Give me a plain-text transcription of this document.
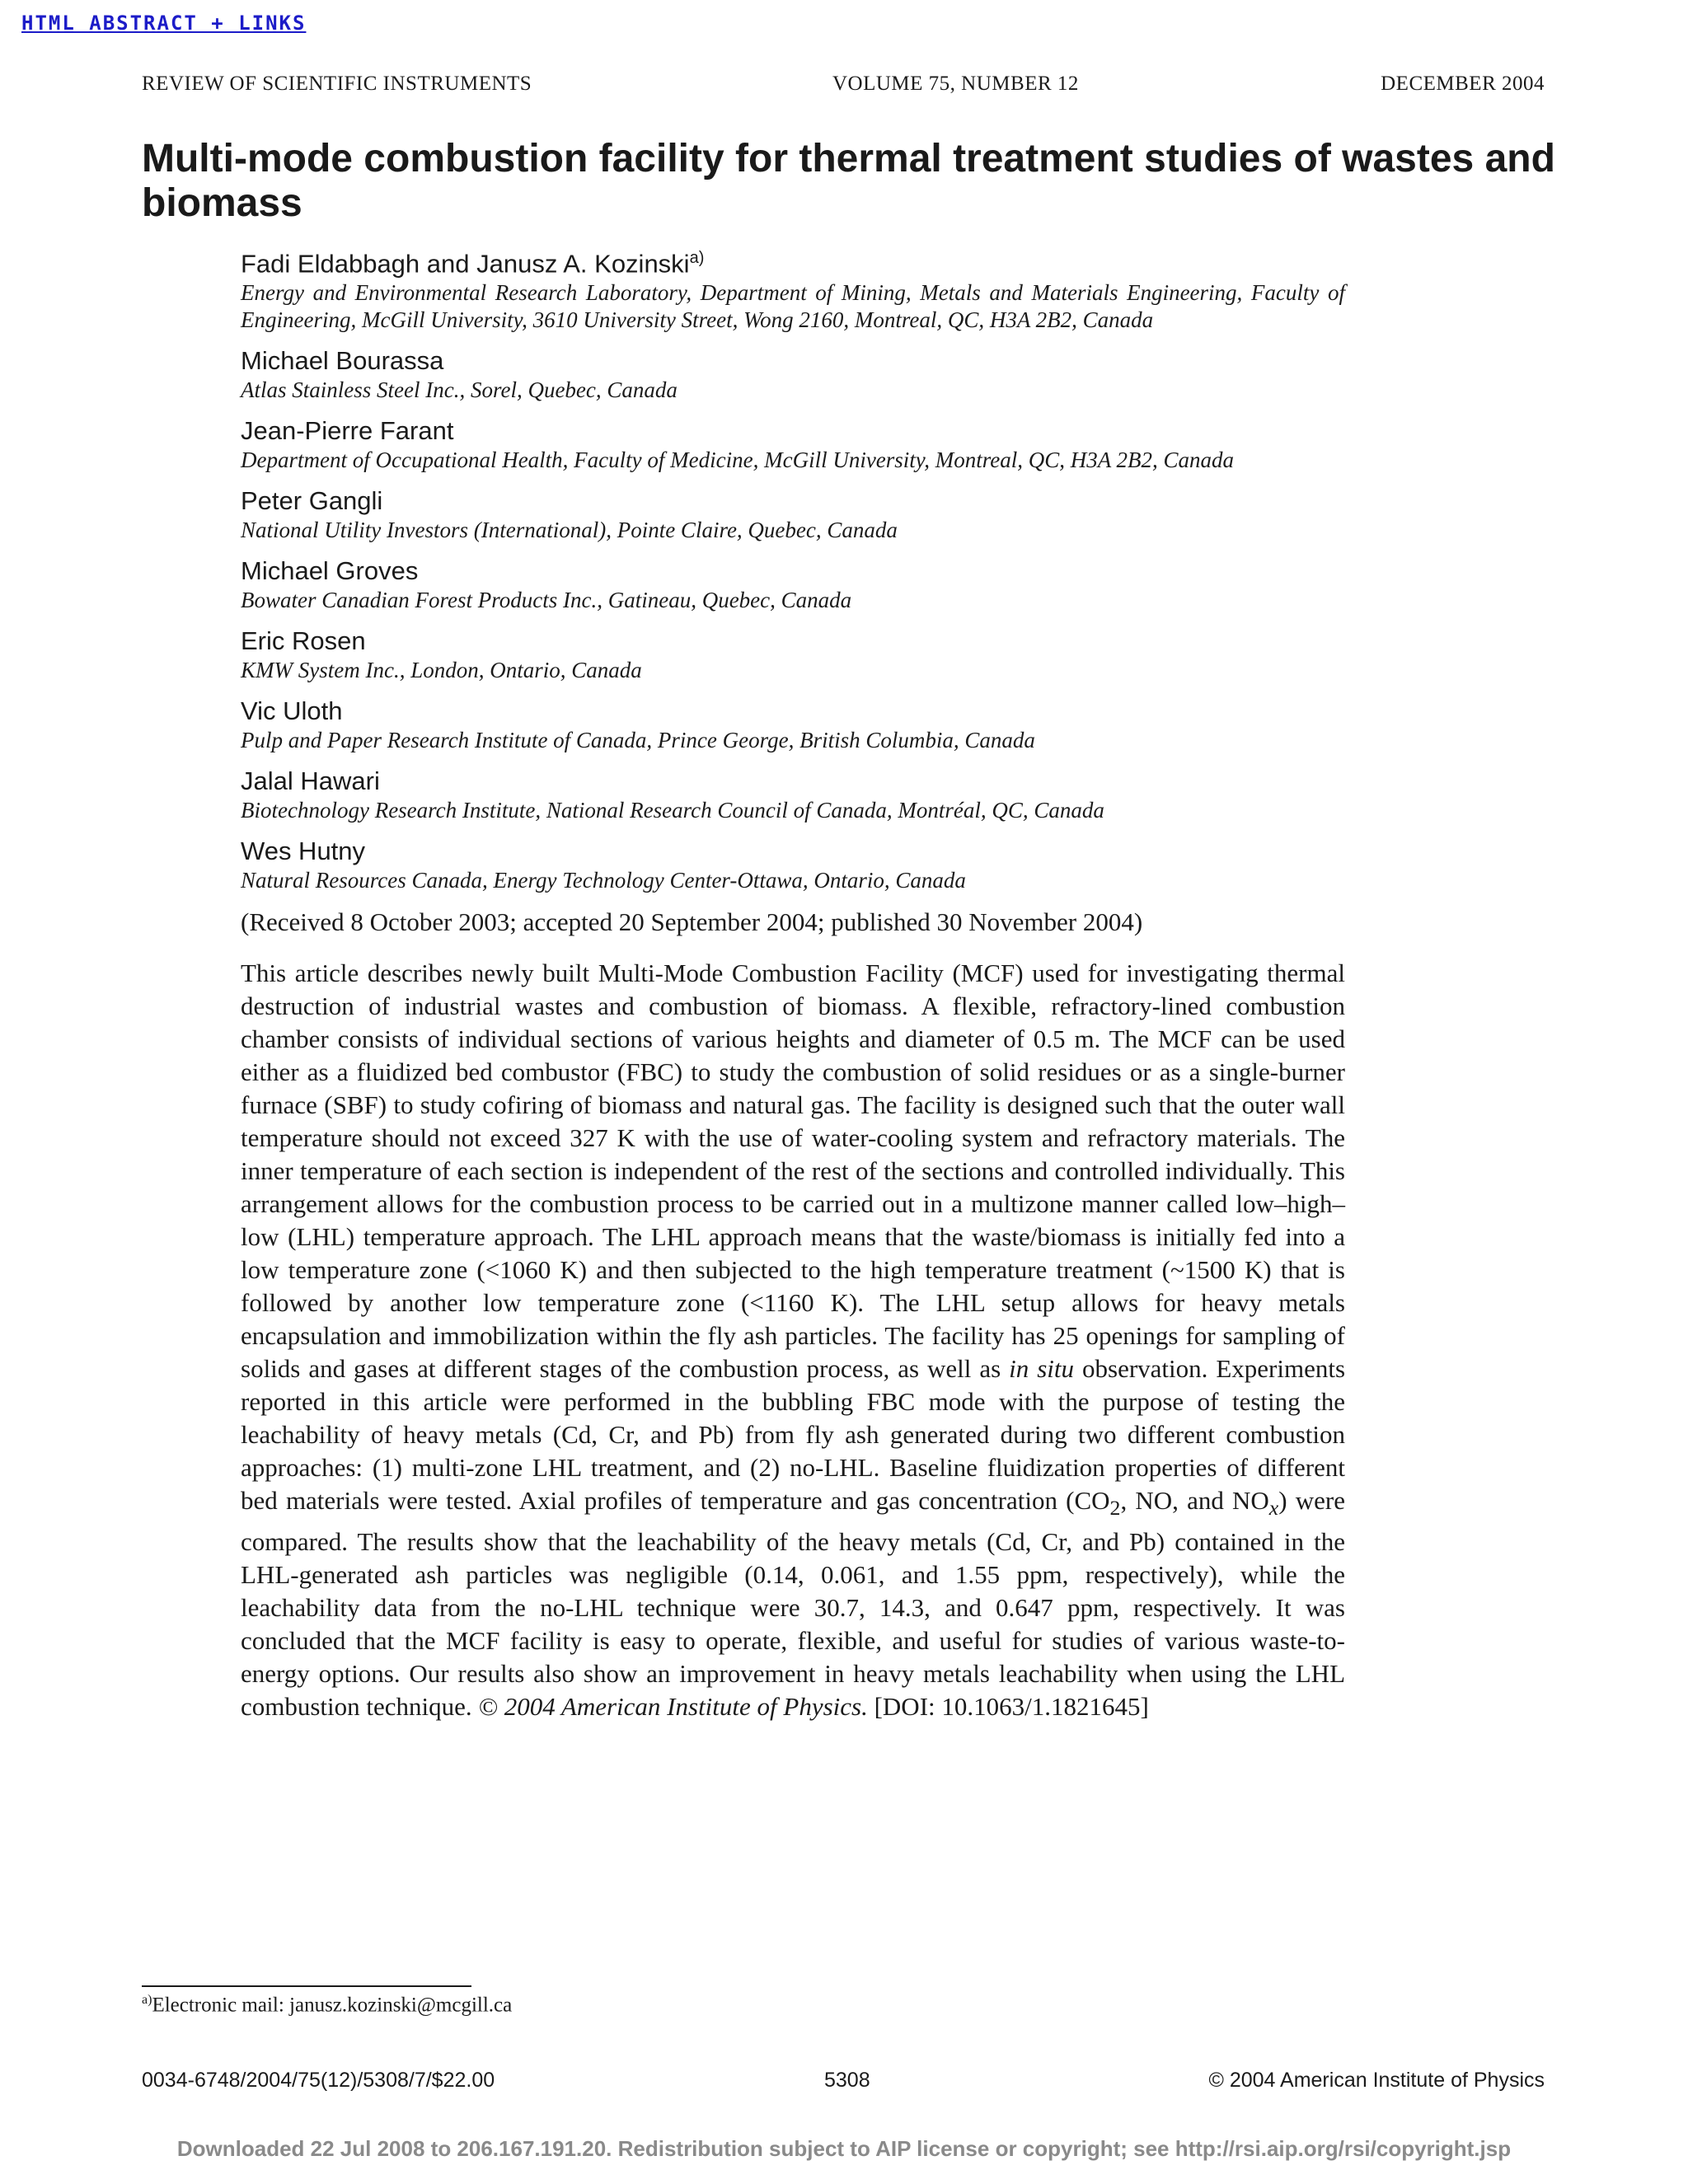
HTML ABSTRACT + LINKS
REVIEW OF SCIENTIFIC INSTRUMENTS	VOLUME 75, NUMBER 12	DECEMBER 2004
Multi-mode combustion facility for thermal treatment studies of wastes and biomass
Fadi Eldabbagh and Janusz A. Kozinski$^{a)}$
Energy and Environmental Research Laboratory, Department of Mining, Metals and Materials Engineering, Faculty of Engineering, McGill University, 3610 University Street, Wong 2160, Montreal, QC, H3A 2B2, Canada
Michael Bourassa
Atlas Stainless Steel Inc., Sorel, Quebec, Canada
Jean-Pierre Farant
Department of Occupational Health, Faculty of Medicine, McGill University, Montreal, QC, H3A 2B2, Canada
Peter Gangli
National Utility Investors (International), Pointe Claire, Quebec, Canada
Michael Groves
Bowater Canadian Forest Products Inc., Gatineau, Quebec, Canada
Eric Rosen
KMW System Inc., London, Ontario, Canada
Vic Uloth
Pulp and Paper Research Institute of Canada, Prince George, British Columbia, Canada
Jalal Hawari
Biotechnology Research Institute, National Research Council of Canada, Montréal, QC, Canada
Wes Hutny
Natural Resources Canada, Energy Technology Center-Ottawa, Ontario, Canada
(Received 8 October 2003; accepted 20 September 2004; published 30 November 2004)

This article describes newly built Multi-Mode Combustion Facility (MCF) used for investigating thermal destruction of industrial wastes and combustion of biomass. A flexible, refractory-lined combustion chamber consists of individual sections of various heights and diameter of 0.5 m. The MCF can be used either as a fluidized bed combustor (FBC) to study the combustion of solid residues or as a single-burner furnace (SBF) to study cofiring of biomass and natural gas. The facility is designed such that the outer wall temperature should not exceed 327 K with the use of water-cooling system and refractory materials. The inner temperature of each section is independent of the rest of the sections and controlled individually. This arrangement allows for the combustion process to be carried out in a multizone manner called low–high–low (LHL) temperature approach. The LHL approach means that the waste/biomass is initially fed into a low temperature zone (<1060 K) and then subjected to the high temperature treatment (~1500 K) that is followed by another low temperature zone (<1160 K). The LHL setup allows for heavy metals encapsulation and immobilization within the fly ash particles. The facility has 25 openings for sampling of solids and gases at different stages of the combustion process, as well as in situ observation. Experiments reported in this article were performed in the bubbling FBC mode with the purpose of testing the leachability of heavy metals (Cd, Cr, and Pb) from fly ash generated during two different combustion approaches: (1) multi-zone LHL treatment, and (2) no-LHL. Baseline fluidization properties of different bed materials were tested. Axial profiles of temperature and gas concentration ($CO_2$, NO, and $NO_x$) were compared. The results show that the leachability of the heavy metals (Cd, Cr, and Pb) contained in the LHL-generated ash particles was negligible (0.14, 0.061, and 1.55 ppm, respectively), while the leachability data from the no-LHL technique were 30.7, 14.3, and 0.647 ppm, respectively. It was concluded that the MCF facility is easy to operate, flexible, and useful for studies of various waste-to-energy options. Our results also show an improvement in heavy metals leachability when using the LHL combustion technique. © 2004 American Institute of Physics. [DOI: 10.1063/1.1821645]

$^{a)}$Electronic mail: janusz.kozinski@mcgill.ca
0034-6748/2004/75(12)/5308/7/$22.00	5308	© 2004 American Institute of Physics
Downloaded 22 Jul 2008 to 206.167.191.20. Redistribution subject to AIP license or copyright; see http://rsi.aip.org/rsi/copyright.jsp
